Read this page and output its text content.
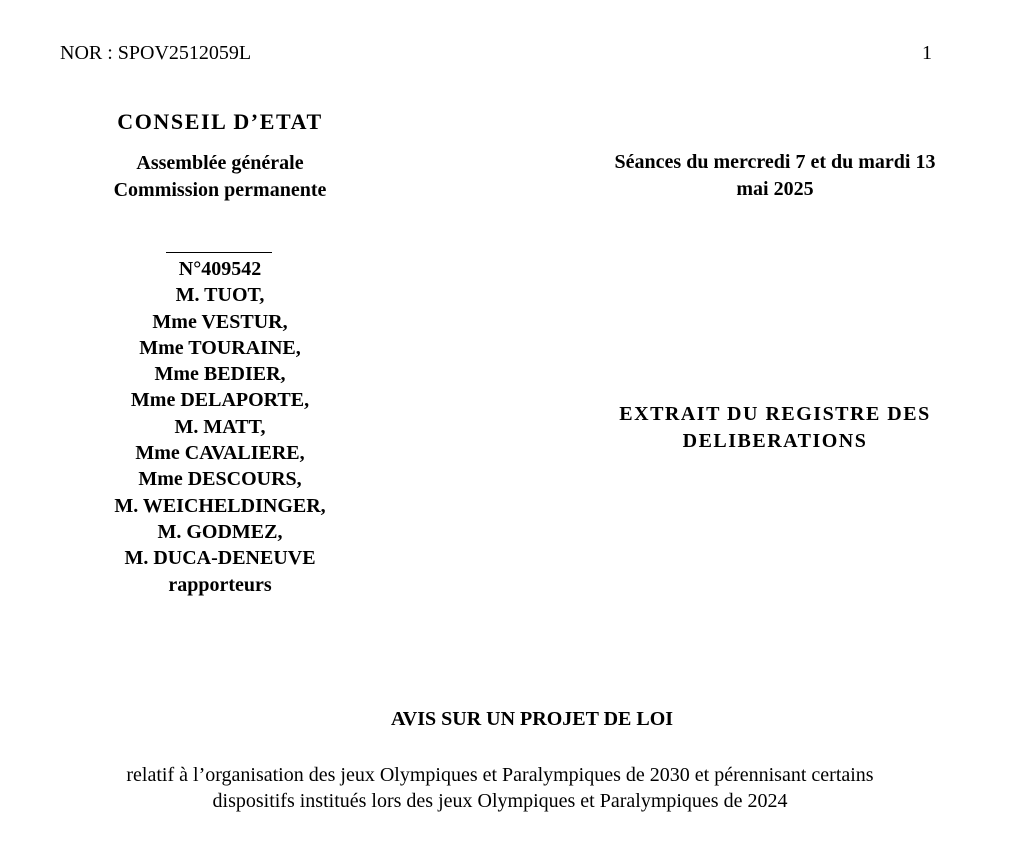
NOR : SPOV2512059L	1
CONSEIL D’ETAT
Assemblée générale
Commission permanente
N°409542
M. TUOT,
Mme VESTUR,
Mme TOURAINE,
Mme BEDIER,
Mme DELAPORTE,
M. MATT,
Mme CAVALIERE,
Mme DESCOURS,
M. WEICHELDINGER,
M. GODMEZ,
M. DUCA-DENEUVE
rapporteurs
Séances du mercredi 7 et du mardi 13
mai 2025
EXTRAIT DU REGISTRE DES
DELIBERATIONS
AVIS SUR UN PROJET DE LOI
relatif à l’organisation des jeux Olympiques et Paralympiques de 2030 et pérennisant certains
dispositifs institués lors des jeux Olympiques et Paralympiques de 2024
